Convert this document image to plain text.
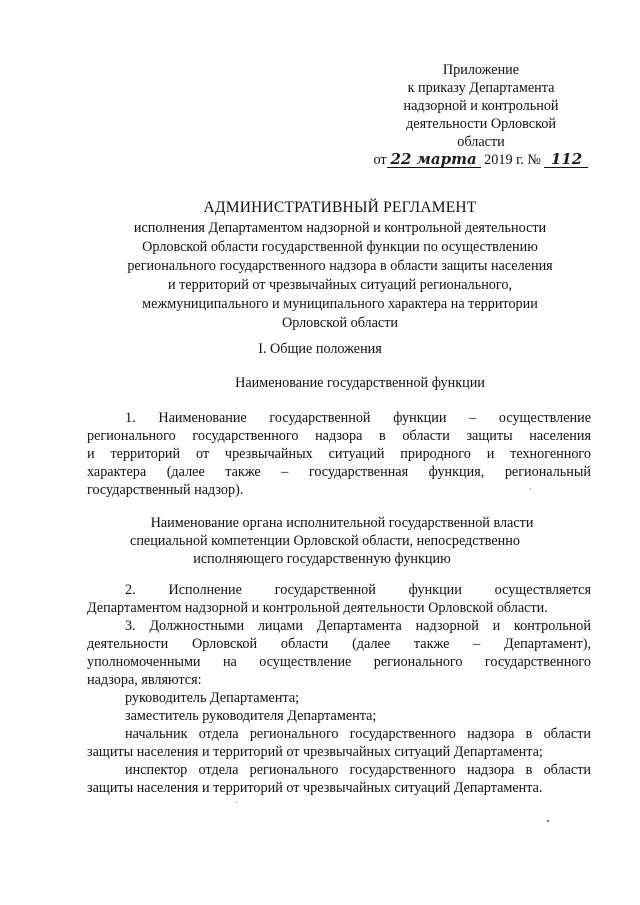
Приложение
к приказу Департамента
надзорной и контрольной
деятельности Орловской
области
от 22 марта 2019 г. № 112
АДМИНИСТРАТИВНЫЙ РЕГЛАМЕНТ
исполнения Департаментом надзорной и контрольной деятельности
Орловской области государственной функции по осуществлению
регионального государственного надзора в области защиты населения
и территорий от чрезвычайных ситуаций регионального,
межмуниципального и муниципального характера на территории
Орловской области
I. Общие положения
Наименование государственной функции
1. Наименование государственной функции – осуществление
регионального государственного надзора в области защиты населения
и территорий от чрезвычайных ситуаций природного и техногенного
характера (далее также – государственная функция, региональный
государственный надзор).
Наименование органа исполнительной государственной власти
специальной компетенции Орловской области, непосредственно
исполняющего государственную функцию
2. Исполнение государственной функции осуществляется
Департаментом надзорной и контрольной деятельности Орловской области.
3. Должностными лицами Департамента надзорной и контрольной
деятельности Орловской области (далее также – Департамент),
уполномоченными на осуществление регионального государственного
надзора, являются:
руководитель Департамента;
заместитель руководителя Департамента;
начальник отдела регионального государственного надзора в области
защиты населения и территорий от чрезвычайных ситуаций Департамента;
инспектор отдела регионального государственного надзора в области
защиты населения и территорий от чрезвычайных ситуаций Департамента.
